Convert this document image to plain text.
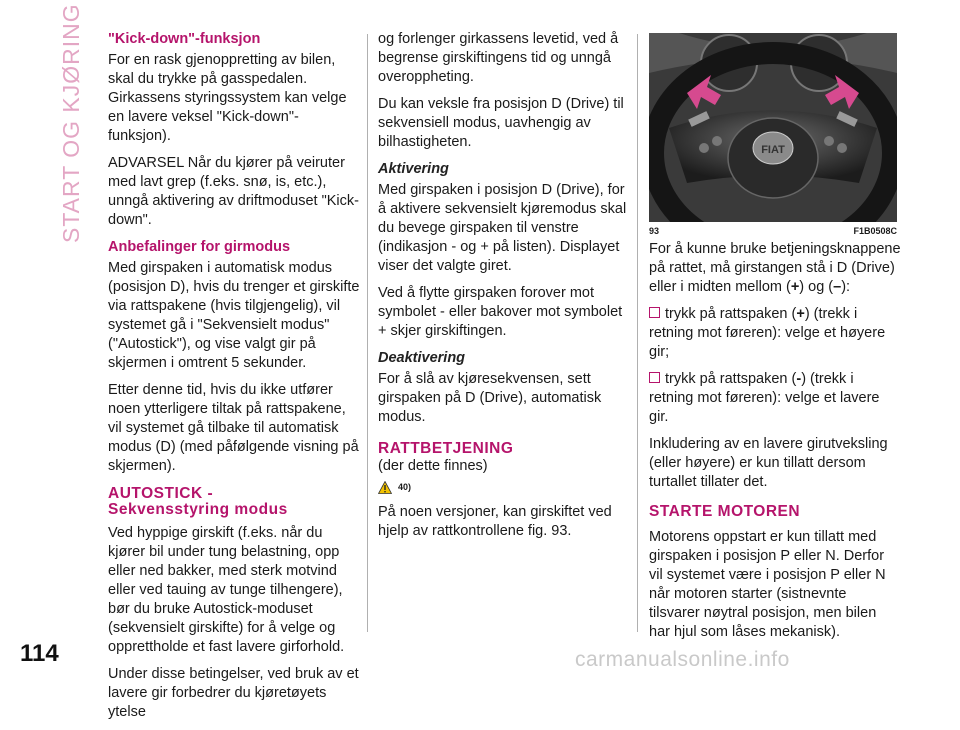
START OG KJØRING "Kick-down"-funksjon

For en rask gjenoppretting av bilen, skal du trykke på gasspedalen. Girkassens styringssystem kan velge en lavere veksel "Kick-down"-funksjon).

ADVARSEL Når du kjører på veiruter med lavt grep (f.eks. snø, is, etc.), unngå aktivering av driftmoduset "Kick-down".

Anbefalinger for girmodus

Med girspaken i automatisk modus (posisjon D), hvis du trenger et girskifte via rattspakene (hvis tilgjengelig), vil systemet gå i "Sekvensielt modus" ("Autostick"), og vise valgt gir på skjermen i omtrent 5 sekunder.

Etter denne tid, hvis du ikke utfører noen ytterligere tiltak på rattspakene, vil systemet gå tilbake til automatisk modus (D) (med påfølgende visning på skjermen).

AUTOSTICK -
Sekvensstyring modus

Ved hyppige girskift (f.eks. når du kjører bil under tung belastning, opp eller ned bakker, med sterk motvind eller ved tauing av tunge tilhengere), bør du bruke Autostick-moduset (sekvensielt girskifte) for å velge og opprettholde et fast lavere girforhold.

Under disse betingelser, ved bruk av et lavere gir forbedrer du kjøretøyets ytelse

og forlenger girkassens levetid, ved å begrense girskiftingens tid og unngå overoppheting.

Du kan veksle fra posisjon D (Drive) til sekvensiell modus, uavhengig av bilhastigheten.

Aktivering

Med girspaken i posisjon D (Drive), for å aktivere sekvensielt kjøremodus skal du bevege girspaken til venstre (indikasjon - og + på listen). Displayet viser det valgte giret.

Ved å flytte girspaken forover mot symbolet - eller bakover mot symbolet + skjer girskiftingen.

Deaktivering

For å slå av kjøresekvensen, sett girspaken på D (Drive), automatisk modus.

RATTBETJENING
(der dette finnes)
40)

På noen versjoner, kan girskiftet ved hjelp av rattkontrollene fig. 93.

FIAT
93	F1B0508C

For å kunne bruke betjeningsknappene på rattet, må girstangen stå i D (Drive) eller i midten mellom (+) og (–):

trykk på rattspaken (+) (trekk i retning mot føreren): velge et høyere gir;

trykk på rattspaken (-) (trekk i retning mot føreren): velge et lavere gir.

Inkludering av en lavere girutveksling (eller høyere) er kun tillatt dersom turtallet tillater det.

STARTE MOTOREN

Motorens oppstart er kun tillatt med girspaken i posisjon P eller N. Derfor vil systemet være i posisjon P eller N når motoren starter (sistnevnte tilsvarer nøytral posisjon, men bilen har hjul som låses mekanisk).

114	carmanualsonline.info
